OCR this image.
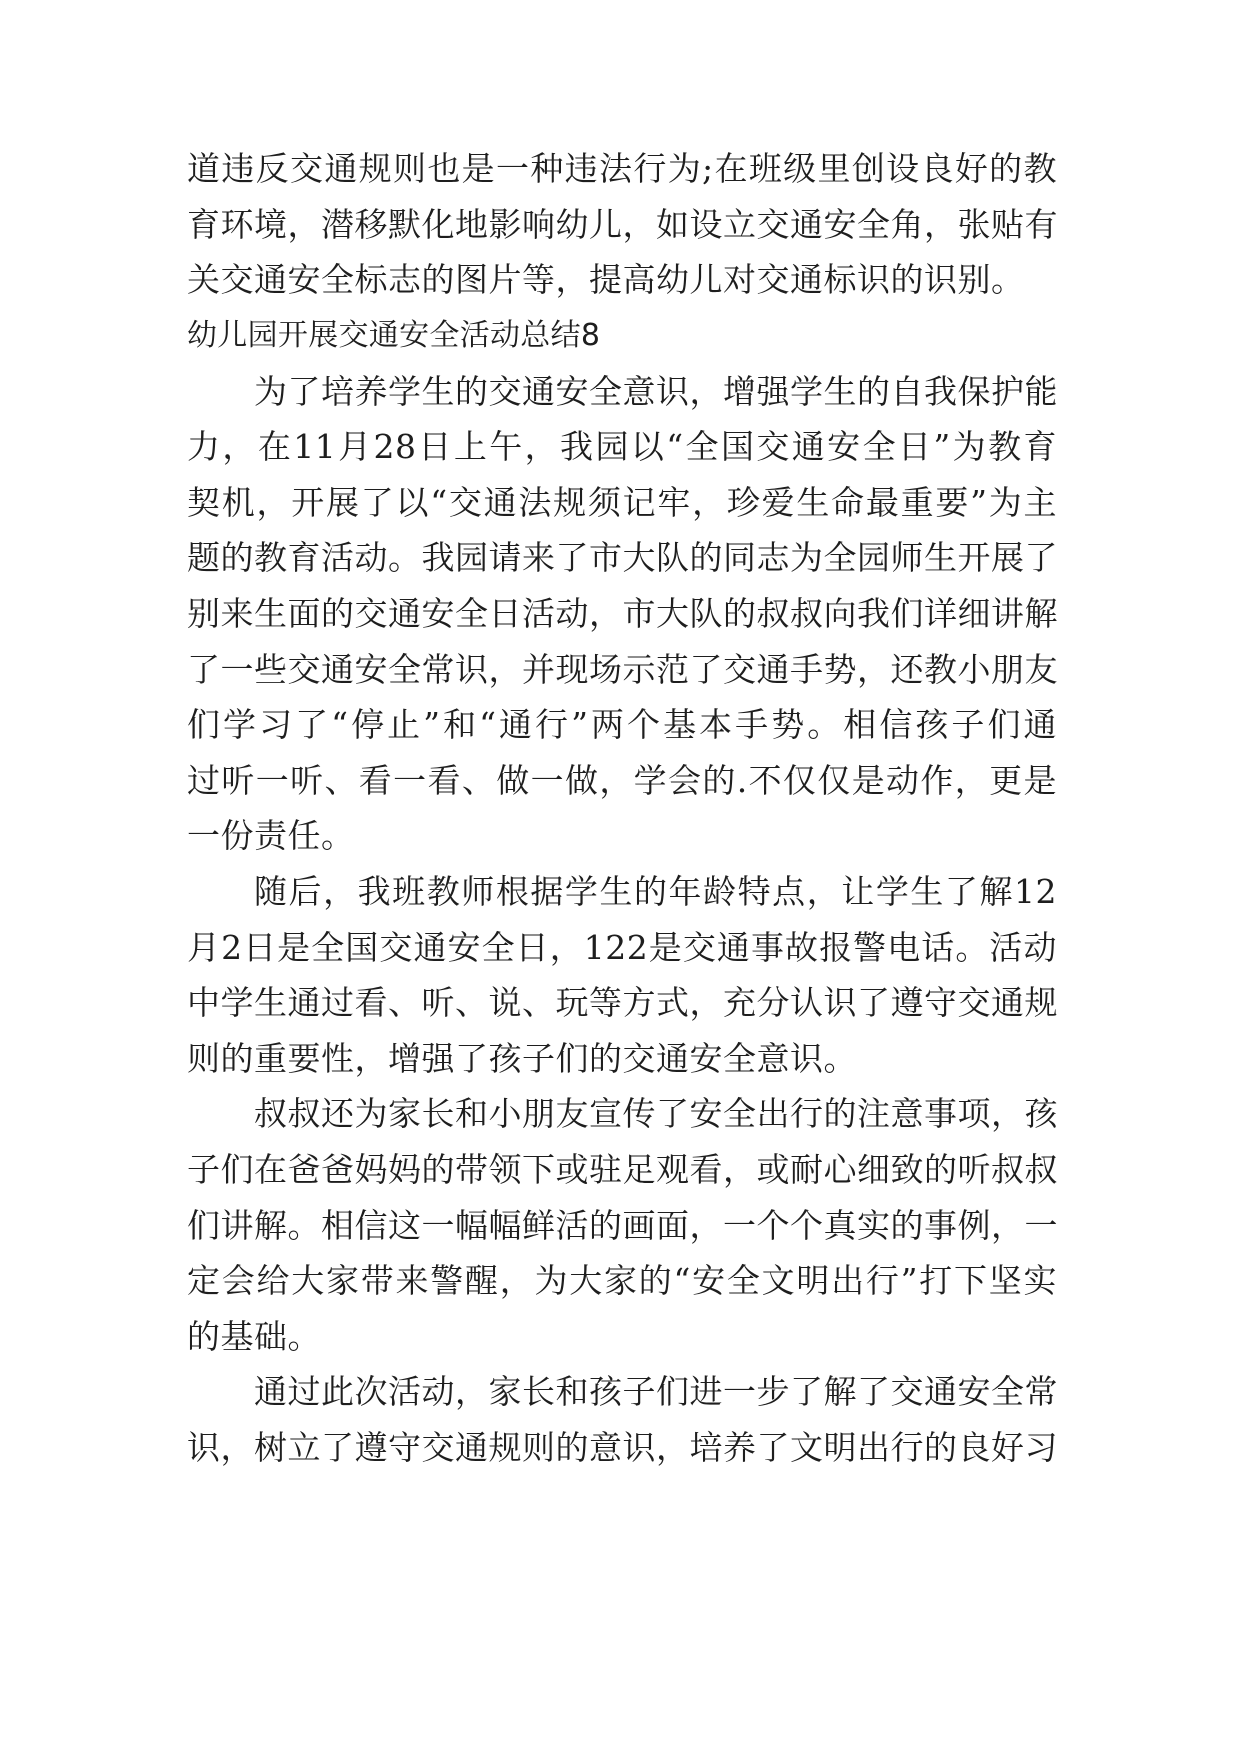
道违反交通规则也是一种违法行为;在班级里创设良好的教
育环境，潜移默化地影响幼儿，如设立交通安全角，张贴有
关交通安全标志的图片等，提高幼儿对交通标识的识别。
幼儿园开展交通安全活动总结8
为了培养学生的交通安全意识，增强学生的自我保护能
力，在11月28日上午，我园以“全国交通安全日”为教育
契机，开展了以“交通法规须记牢，珍爱生命最重要”为主
题的教育活动。我园请来了市大队的同志为全园师生开展了
别来生面的交通安全日活动，市大队的叔叔向我们详细讲解
了一些交通安全常识，并现场示范了交通手势，还教小朋友
们学习了“停止”和“通行”两个基本手势。相信孩子们通
过听一听、看一看、做一做，学会的.不仅仅是动作，更是
一份责任。
随后，我班教师根据学生的年龄特点，让学生了解12
月2日是全国交通安全日，122是交通事故报警电话。活动
中学生通过看、听、说、玩等方式，充分认识了遵守交通规
则的重要性，增强了孩子们的交通安全意识。
叔叔还为家长和小朋友宣传了安全出行的注意事项，孩
子们在爸爸妈妈的带领下或驻足观看，或耐心细致的听叔叔
们讲解。相信这一幅幅鲜活的画面，一个个真实的事例，一
定会给大家带来警醒，为大家的“安全文明出行”打下坚实
的基础。
通过此次活动，家长和孩子们进一步了解了交通安全常
识，树立了遵守交通规则的意识，培养了文明出行的良好习
